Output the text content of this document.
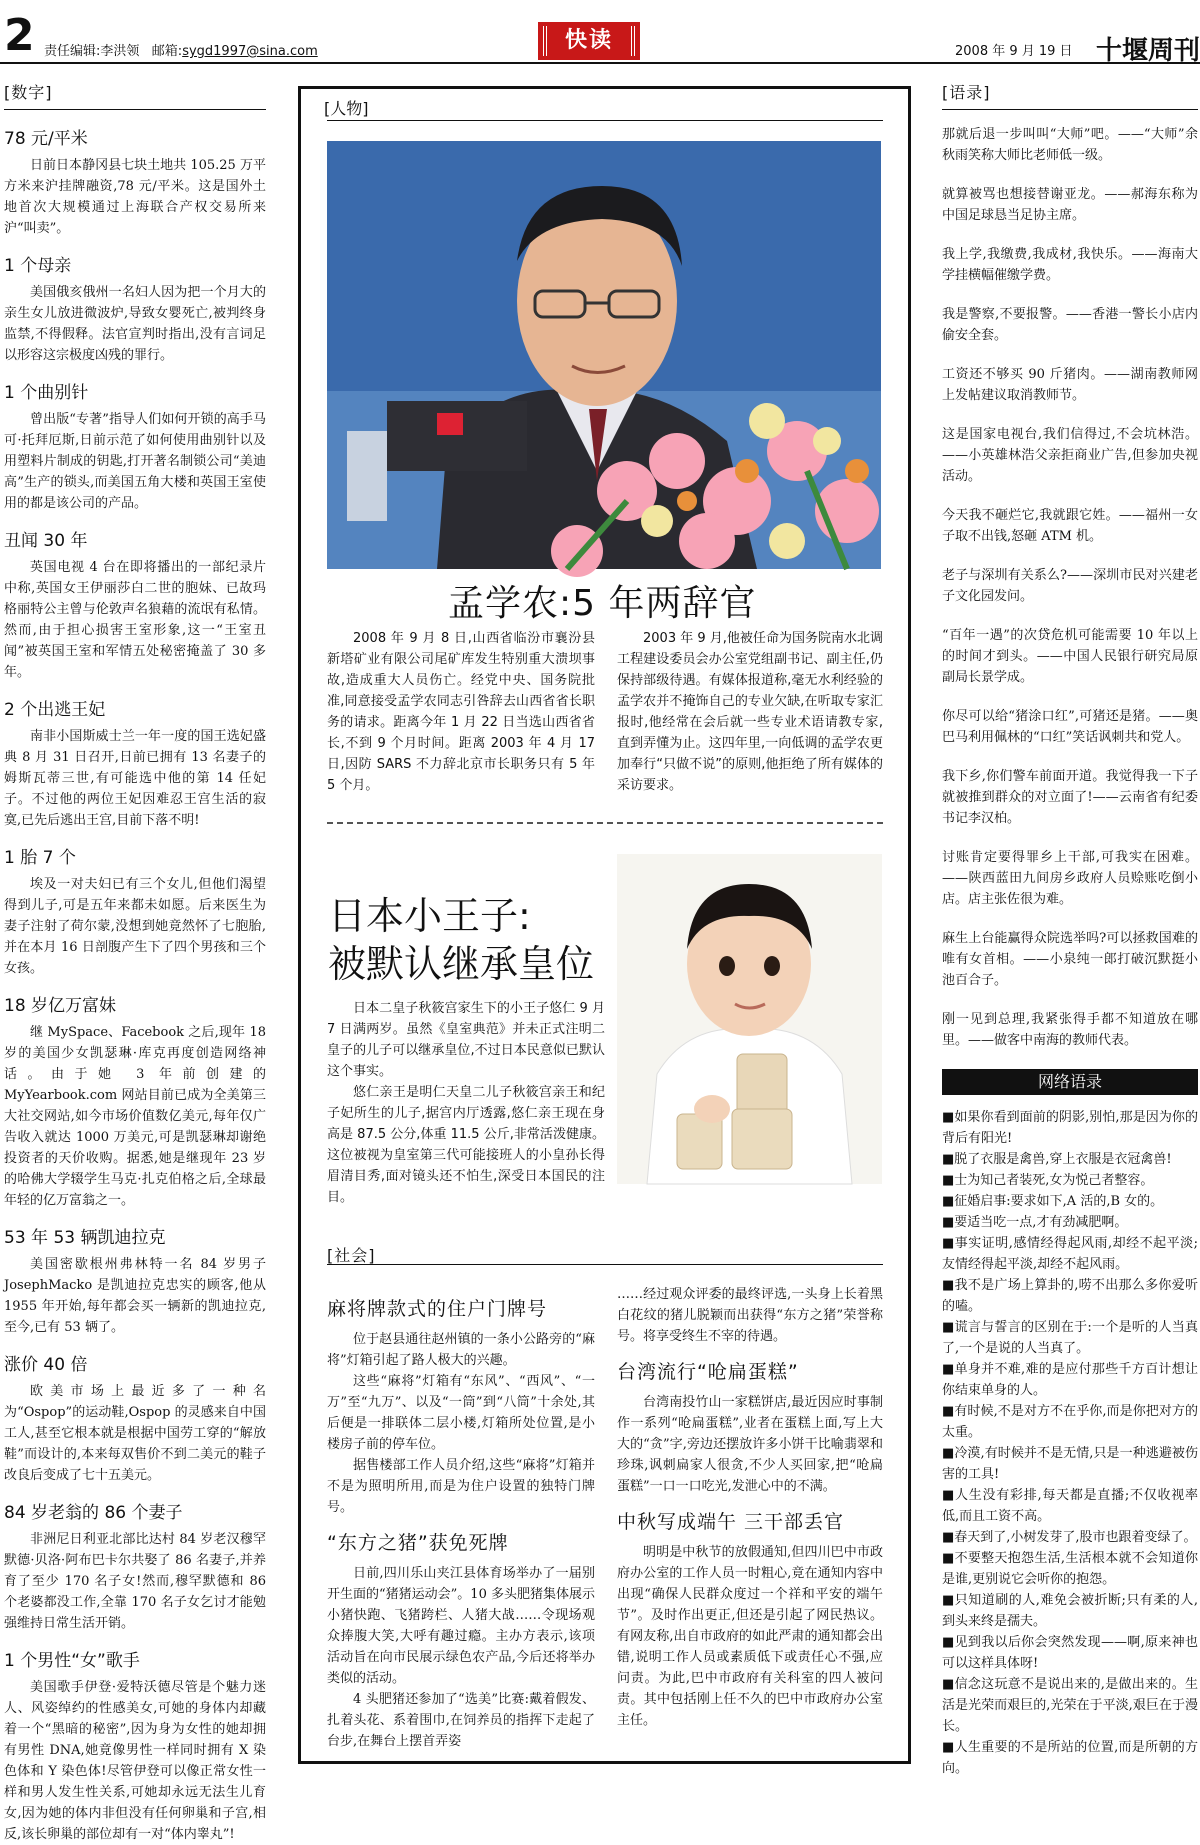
2 责任编辑:李洪领 邮箱:sygd1997@sina.com	快读	2008 年 9 月 19 日 十堰周刊
[数字]
78 元/平米

日前日本静冈县七块土地共 105.25 万平方米来沪挂牌融资,78 元/平米。这是国外土地首次大规模通过上海联合产权交易所来沪“叫卖”。

1 个母亲

美国俄亥俄州一名妇人因为把一个月大的亲生女儿放进微波炉,导致女婴死亡,被判终身监禁,不得假释。法官宣判时指出,没有言词足以形容这宗极度凶残的罪行。

1 个曲别针

曾出版“专著”指导人们如何开锁的高手马可·托拜厄斯,日前示范了如何使用曲别针以及用塑料片制成的钥匙,打开著名制锁公司“美迪高”生产的锁头,而美国五角大楼和英国王室使用的都是该公司的产品。

丑闻 30 年

英国电视 4 台在即将播出的一部纪录片中称,英国女王伊丽莎白二世的胞妹、已故玛格丽特公主曾与伦敦声名狼藉的流氓有私情。然而,由于担心损害王室形象,这一“王室丑闻”被英国王室和军情五处秘密掩盖了 30 多年。

2 个出逃王妃

南非小国斯威士兰一年一度的国王选妃盛典 8 月 31 日召开,日前已拥有 13 名妻子的姆斯瓦蒂三世,有可能选中他的第 14 任妃子。不过他的两位王妃因难忍王宫生活的寂寞,已先后逃出王宫,目前下落不明!

1 胎 7 个

埃及一对夫妇已有三个女儿,但他们渴望得到儿子,可是五年来都未如愿。后来医生为妻子注射了荷尔蒙,没想到她竟然怀了七胞胎,并在本月 16 日剖腹产生下了四个男孩和三个女孩。

18 岁亿万富妹

继 MySpace、Facebook 之后,现年 18 岁的美国少女凯瑟琳·库克再度创造网络神话。由于她 3 年前创建的 MyYearbook.com 网站目前已成为全美第三大社交网站,如今市场价值数亿美元,每年仅广告收入就达 1000 万美元,可是凯瑟琳却谢绝投资者的天价收购。据悉,她是继现年 23 岁的哈佛大学辍学生马克·扎克伯格之后,全球最年轻的亿万富翁之一。

53 年 53 辆凯迪拉克

美国密歇根州弗林特一名 84 岁男子 JosephMacko 是凯迪拉克忠实的顾客,他从 1955 年开始,每年都会买一辆新的凯迪拉克,至今,已有 53 辆了。

涨价 40 倍

欧美市场上最近多了一种名为“Ospop”的运动鞋,Ospop 的灵感来自中国工人,甚至它根本就是根据中国劳工穿的“解放鞋”而设计的,本来每双售价不到二美元的鞋子改良后变成了七十五美元。

84 岁老翁的 86 个妻子

非洲尼日利亚北部比达村 84 岁老汉穆罕默德·贝洛·阿布巴卡尔共娶了 86 名妻子,并养育了至少 170 名子女!然而,穆罕默德和 86 个老婆都没工作,全靠 170 名子女乞讨才能勉强维持日常生活开销。

1 个男性“女”歌手

美国歌手伊登·爱特沃德尽管是个魅力迷人、风姿绰约的性感美女,可她的身体内却藏着一个“黑暗的秘密”,因为身为女性的她却拥有男性 DNA,她竟像男性一样同时拥有 X 染色体和 Y 染色体!尽管伊登可以像正常女性一样和男人发生性关系,可她却永远无法生儿育女,因为她的体内非但没有任何卵巢和子宫,相反,该长卵巢的部位却有一对“体内睾丸”!

[人物]
孟学农:5 年两辞官

2008 年 9 月 8 日,山西省临汾市襄汾县新塔矿业有限公司尾矿库发生特别重大溃坝事故,造成重大人员伤亡。经党中央、国务院批准,同意接受孟学农同志引咎辞去山西省省长职务的请求。距离今年 1 月 22 日当选山西省省长,不到 9 个月时间。距离 2003 年 4 月 17 日,因防 SARS 不力辞北京市长职务只有 5 年 5 个月。

2003 年 9 月,他被任命为国务院南水北调工程建设委员会办公室党组副书记、副主任,仍保持部级待遇。有媒体报道称,毫无水利经验的孟学农并不掩饰自己的专业欠缺,在听取专家汇报时,他经常在会后就一些专业术语请教专家,直到弄懂为止。这四年里,一向低调的孟学农更加奉行“只做不说”的原则,他拒绝了所有媒体的采访要求。

日本小王子:
被默认继承皇位

日本二皇子秋筱宫家生下的小王子悠仁 9 月 7 日满两岁。虽然《皇室典范》并未正式注明二皇子的儿子可以继承皇位,不过日本民意似已默认这个事实。

悠仁亲王是明仁天皇二儿子秋筱宫亲王和纪子妃所生的儿子,据宫内厅透露,悠仁亲王现在身高是 87.5 公分,体重 11.5 公斤,非常活泼健康。这位被视为皇室第三代可能接班人的小皇孙长得眉清目秀,面对镜头还不怕生,深受日本国民的注目。

[社会]
麻将牌款式的住户门牌号

位于赵县通往赵州镇的一条小公路旁的“麻将”灯箱引起了路人极大的兴趣。

这些“麻将”灯箱有“东风”、“西风”、“一万”至“九万”、以及“一筒”到“八筒”十余处,其后便是一排联体二层小楼,灯箱所处位置,是小楼房子前的停车位。

据售楼部工作人员介绍,这些“麻将”灯箱并不是为照明所用,而是为住户设置的独特门牌号。

“东方之猪”获免死牌

日前,四川乐山夹江县体育场举办了一届别开生面的“猪猪运动会”。10 多头肥猪集体展示小猪快跑、飞猪跨栏、人猪大战……令现场观众捧腹大笑,大呼有趣过瘾。主办方表示,该项活动旨在向市民展示绿色农产品,今后还将举办类似的活动。

4 头肥猪还参加了“选美”比赛:戴着假发、扎着头花、系着围巾,在饲养员的指挥下走起了台步,在舞台上摆首弄姿

……经过观众评委的最终评选,一头身上长着黑白花纹的猪儿脱颖而出获得“东方之猪”荣誉称号。将享受终生不宰的待遇。

台湾流行“呛扁蛋糕”

台湾南投竹山一家糕饼店,最近因应时事制作一系列“呛扁蛋糕”,业者在蛋糕上面,写上大大的“贪”字,旁边还摆放许多小饼干比喻翡翠和珍珠,讽刺扁家人很贪,不少人买回家,把“呛扁蛋糕”一口一口吃光,发泄心中的不满。

中秋写成端午 三干部丢官

明明是中秋节的放假通知,但四川巴中市政府办公室的工作人员一时粗心,竟在通知内容中出现“确保人民群众度过一个祥和平安的端午节”。及时作出更正,但还是引起了网民热议。有网友称,出自市政府的如此严肃的通知都会出错,说明工作人员或素质低下或责任心不强,应问责。为此,巴中市政府有关科室的四人被问责。其中包括刚上任不久的巴中市政府办公室主任。

[语录]
那就后退一步叫叫“大师”吧。——“大师”余秋雨笑称大师比老师低一级。
就算被骂也想接替谢亚龙。——郝海东称为中国足球恳当足协主席。
我上学,我缴费,我成材,我快乐。——海南大学挂横幅催缴学费。
我是警察,不要报警。——香港一警长小店内偷安全套。
工资还不够买 90 斤猪肉。——湖南教师网上发帖建议取消教师节。
这是国家电视台,我们信得过,不会坑林浩。——小英雄林浩父亲拒商业广告,但参加央视活动。
今天我不砸烂它,我就跟它姓。——福州一女子取不出钱,怒砸 ATM 机。
老子与深圳有关系么?——深圳市民对兴建老子文化园发问。
“百年一遇”的次贷危机可能需要 10 年以上的时间才到头。——中国人民银行研究局原副局长景学成。
你尽可以给“猪涂口红”,可猪还是猪。——奥巴马利用佩林的“口红”笑话讽刺共和党人。
我下乡,你们警车前面开道。我觉得我一下子就被推到群众的对立面了!——云南省有纪委书记李汉柏。
讨账肯定要得罪乡上干部,可我实在困难。——陕西蓝田九间房乡政府人员赊账吃倒小店。店主张佐很为难。
麻生上台能赢得众院选举吗?可以拯救国难的唯有女首相。——小泉纯一郎打破沉默挺小池百合子。
刚一见到总理,我紧张得手都不知道放在哪里。——做客中南海的教师代表。
网络语录
■如果你看到面前的阴影,别怕,那是因为你的背后有阳光!
■脱了衣服是禽兽,穿上衣服是衣冠禽兽!
■士为知己者装死,女为悦己者整容。
■征婚启事:要求如下,A 活的,B 女的。
■要适当吃一点,才有劲减肥啊。
■事实证明,感情经得起风雨,却经不起平淡;友情经得起平淡,却经不起风雨。
■我不是广场上算卦的,唠不出那么多你爱听的嗑。
■谎言与誓言的区别在于:一个是听的人当真了,一个是说的人当真了。
■单身并不难,难的是应付那些千方百计想让你结束单身的人。
■有时候,不是对方不在乎你,而是你把对方的太重。
■冷漠,有时候并不是无情,只是一种逃避被伤害的工具!
■人生没有彩排,每天都是直播;不仅收视率低,而且工资不高。
■春天到了,小树发芽了,股市也跟着变绿了。
■不要整天抱怨生活,生活根本就不会知道你是谁,更别说它会听你的抱怨。
■只知道刷的人,难免会被折断;只有柔的人,到头来终是孺夫。
■见到我以后你会突然发现——啊,原来神也可以这样具体呀!
■信念这玩意不是说出来的,是做出来的。生活是光荣而艰巨的,光荣在于平淡,艰巨在于漫长。
■人生重要的不是所站的位置,而是所朝的方向。
